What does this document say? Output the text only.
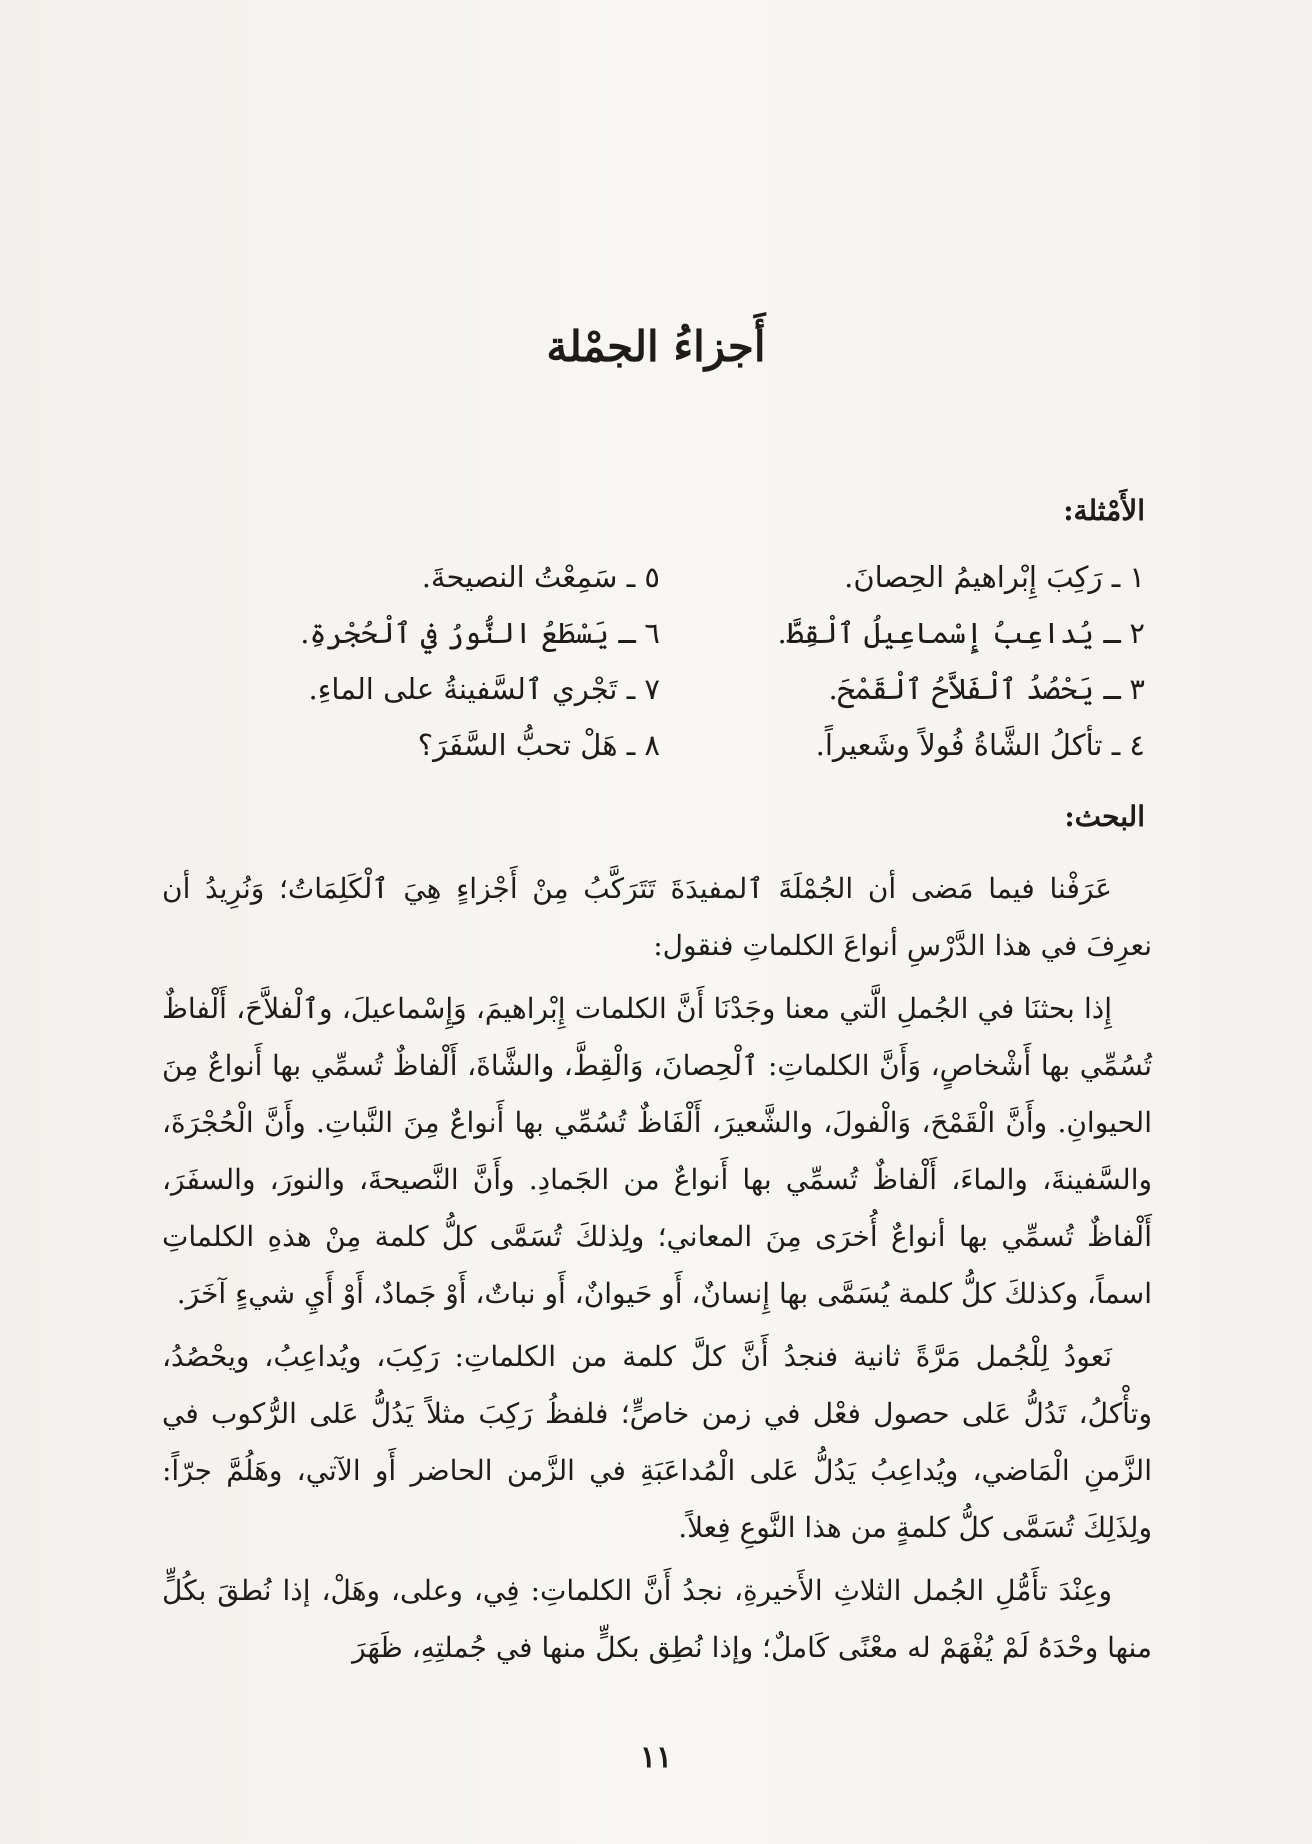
أَجزاءُ الجمْلة
الأَمْثلة:
١ ـ رَكِبَ إِبْراهيمُ الحِصانَ.
٢ ـ يُداعِبُ إِسْماعِيلُ ٱلْقِطَّ.
٣ ـ يَحْصُدُ ٱلْفَلاَّحُ ٱلْقَمْحَ.
٤ ـ تأكلُ الشَّاةُ فُولاً وشَعيراً.
٥ ـ سَمِعْتُ النصيحةَ.
٦ ـ يَسْطَعُ النُّورُ في ٱلْحُجْرةِ.
٧ ـ تَجْري ٱلسَّفينةُ على الماءِ.
٨ ـ هَلْ تحبُّ السَّفَرَ؟
البحث:

عَرَفْنا فيما مَضى أن الجُمْلَةَ ٱلمفيدَةَ تَتَرَكَّبُ مِنْ أَجْزاءٍ هِيَ ٱلْكَلِمَاتُ؛ وَنُرِيدُ أن نعرِفَ في هذا الدَّرْسِ أنواعَ الكلماتِ فنقول:

إِذا بحثنَا في الجُملِ الَّتي معنا وجَدْنَا أَنَّ الكلمات إِبْراهيمَ، وَإِسْماعيلَ، وٱلْفلاَّحَ، أَلْفاظٌ تُسُمِّي بها أَشْخاصٍ، وَأَنَّ الكلماتِ: ٱلْحِصانَ، وَالْقِطَّ، والشَّاةَ، أَلْفاظٌ تُسمِّي بها أَنواعٌ مِنَ الحيوانِ. وأَنَّ الْقَمْحَ، وَالْفولَ، والشَّعيرَ، أَلْفَاظٌ تُسُمِّي بها أَنواعٌ مِنَ النَّباتِ. وأَنَّ الْحُجْرَةَ، والسَّفينةَ، والماءَ، أَلْفاظٌ تُسمِّي بها أَنواعٌ من الجَمادِ. وأَنَّ النَّصيحةَ، والنورَ، والسفَرَ، أَلْفاظٌ تُسمِّي بها أنواعٌ أُخرَى مِنَ المعاني؛ ولِذلكَ تُسَمَّى كلُّ كلمة مِنْ هذهِ الكلماتِ اسماً، وكذلكَ كلُّ كلمة يُسَمَّى بها إِنسانٌ، أَو حَيوانٌ، أَو نباتٌ، أَوْ جَمادٌ، أَوْ أَيِ شيءٍ آخَرَ.

نَعودُ لِلْجُمل مَرَّةً ثانية فنجدُ أَنَّ كلَّ كلمة من الكلماتِ: رَكِبَ، ويُداعِبُ، ويحْصُدُ، وتأْكلُ، تَدُلُّ عَلى حصول فعْل في زمن خاصٍّ؛ فلفظُ رَكِبَ مثلاً يَدُلُّ عَلى الرُّكوب في الزَّمنِ الْمَاضي، ويُداعِبُ يَدُلُّ عَلى الْمُداعَبَةِ في الزَّمن الحاضر أَو الآتي، وهَلُمَّ جرّاً: ولِذَلِكَ تُسَمَّى كلُّ كلمةٍ من هذا النَّوعِ فِعلاً.

وعِنْدَ تأَمُّلِ الجُمل الثلاثِ الأَخيرةِ، نجدُ أَنَّ الكلماتِ: فِي، وعلى، وهَلْ، إذا نُطقَ بكُلٍّ منها وحْدَهُ لَمْ يُفْهَمْ له معْنًى كَاملٌ؛ وإذا نُطِق بكلٍّ منها في جُملتِهِ، ظَهَرَ

١١
